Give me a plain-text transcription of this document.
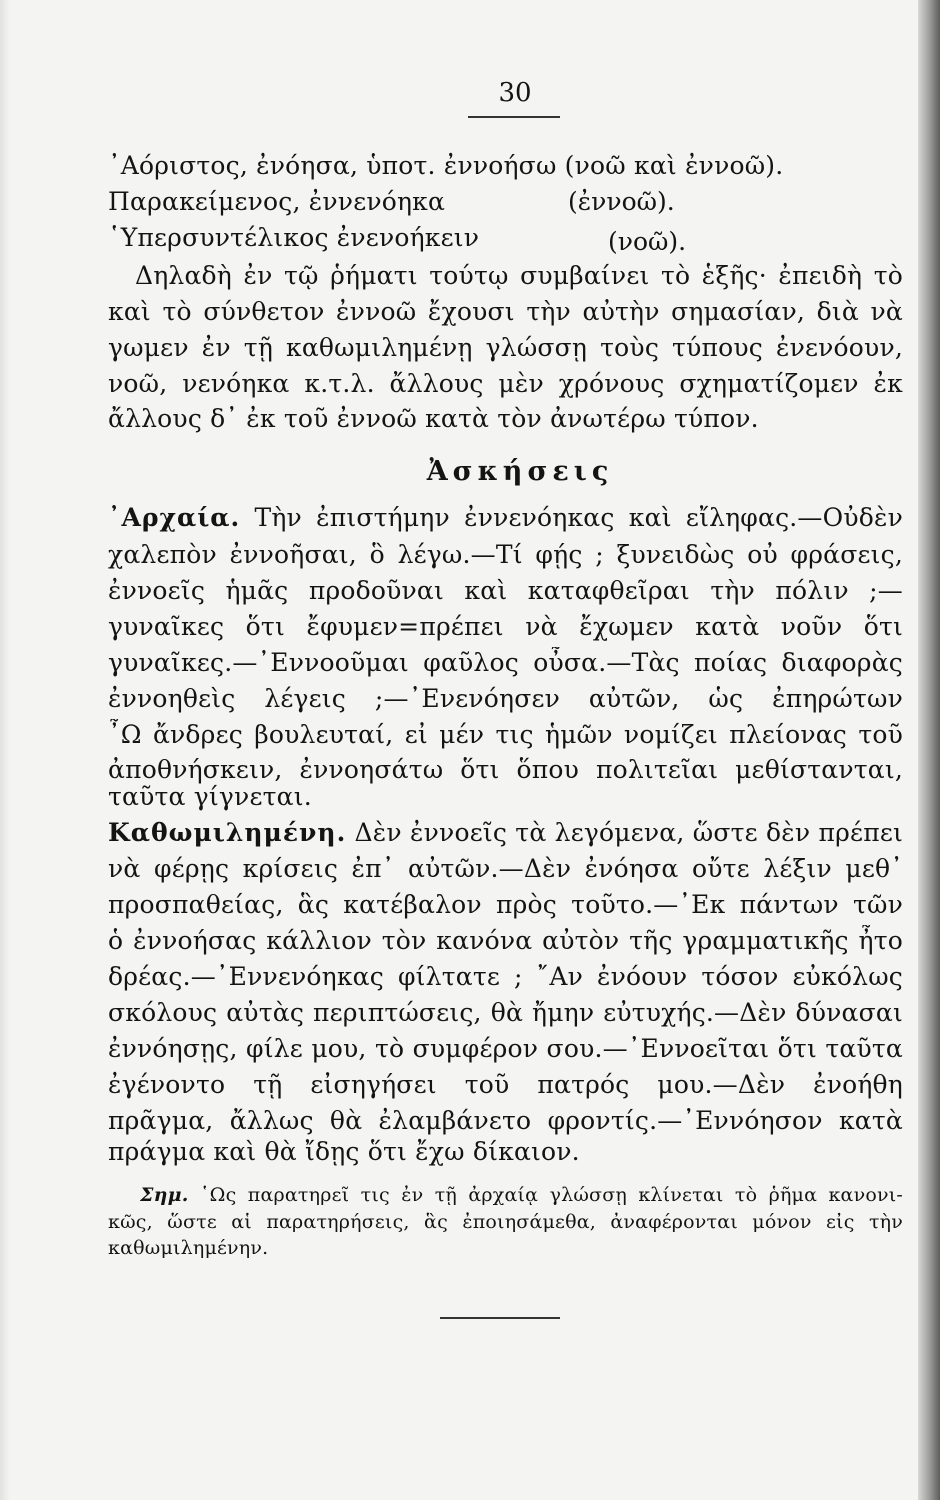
30
᾽Αόριστος, ἐνόησα, ὑποτ. ἐννοήσω (νοῶ καὶ ἐννοῶ).
Παρακείμενος, ἐννενόηκα	(ἐννοῶ).
῾Υπερσυντέλικος ἐνενοήκειν	(νοῶ).
Δηλαδὴ ἐν τῷ ῥήματι τούτῳ συμβαίνει τὸ ἑξῆς· ἐπειδὴ τὸ
καὶ τὸ σύνθετον ἐννοῶ ἔχουσι τὴν αὐτὴν σημασίαν, διὰ νὰ
γωμεν ἐν τῇ καθωμιλημένῃ γλώσσῃ τοὺς τύπους ἐνενόουν,
νοῶ, νενόηκα κ.τ.λ. ἄλλους μὲν χρόνους σχηματίζομεν ἐκ
ἄλλους δ᾽ ἐκ τοῦ ἐννοῶ κατὰ τὸν ἀνωτέρω τύπον.
Ἀσκήσεις
᾽Αρχαία. Τὴν ἐπιστήμην ἐννενόηκας καὶ εἴληφας.—Οὐδὲν
χαλεπὸν ἐννοῆσαι, ὃ λέγω.—Τί φῄς ; ξυνειδὼς οὐ φράσεις,
ἐννοεῖς ἡμᾶς προδοῦναι καὶ καταφθεῖραι τὴν πόλιν ;—
γυναῖκες ὅτι ἔφυμεν=πρέπει νὰ ἔχωμεν κατὰ νοῦν ὅτι
γυναῖκες.—᾽Εννοοῦμαι φαῦλος οὖσα.—Τὰς ποίας διαφορὰς
ἐννοηθεὶς λέγεις ;—᾽Ενενόησεν αὐτῶν, ὡς ἐπηρώτων
῏Ω ἄνδρες βουλευταί, εἰ μέν τις ἡμῶν νομίζει πλείονας τοῦ
ἀποθνήσκειν, ἐννοησάτω ὅτι ὅπου πολιτεῖαι μεθίστανται,
ταῦτα γίγνεται.
Καθωμιλημένη. Δὲν ἐννοεῖς τὰ λεγόμενα, ὥστε δὲν πρέπει
νὰ φέρῃς κρίσεις ἐπ᾽ αὐτῶν.—Δὲν ἐνόησα οὔτε λέξιν μεθ᾽
προσπαθείας, ἃς κατέβαλον πρὸς τοῦτο.—᾽Εκ πάντων τῶν
ὁ ἐννοήσας κάλλιον τὸν κανόνα αὐτὸν τῆς γραμματικῆς ἦτο
δρέας.—᾽Εννενόηκας φίλτατε ; ῎Αν ἐνόουν τόσον εὐκόλως
σκόλους αὐτὰς περιπτώσεις, θὰ ἤμην εὐτυχής.—Δὲν δύνασαι
ἐννόησῃς, φίλε μου, τὸ συμφέρον σου.—᾽Εννοεῖται ὅτι ταῦτα
ἐγένοντο τῇ εἰσηγήσει τοῦ πατρός μου.—Δὲν ἐνοήθη
πρᾶγμα, ἄλλως θὰ ἐλαμβάνετο φροντίς.—᾽Εννόησον κατὰ
πράγμα καὶ θὰ ἴδῃς ὅτι ἔχω δίκαιον.
Σημ. ῾Ως παρατηρεῖ τις ἐν τῇ ἀρχαίᾳ γλώσσῃ κλίνεται τὸ ῥῆμα κανονι-
κῶς, ὥστε αἱ παρατηρήσεις, ἃς ἐποιησάμεθα, ἀναφέρονται μόνον εἰς τὴν
καθωμιλημένην.
